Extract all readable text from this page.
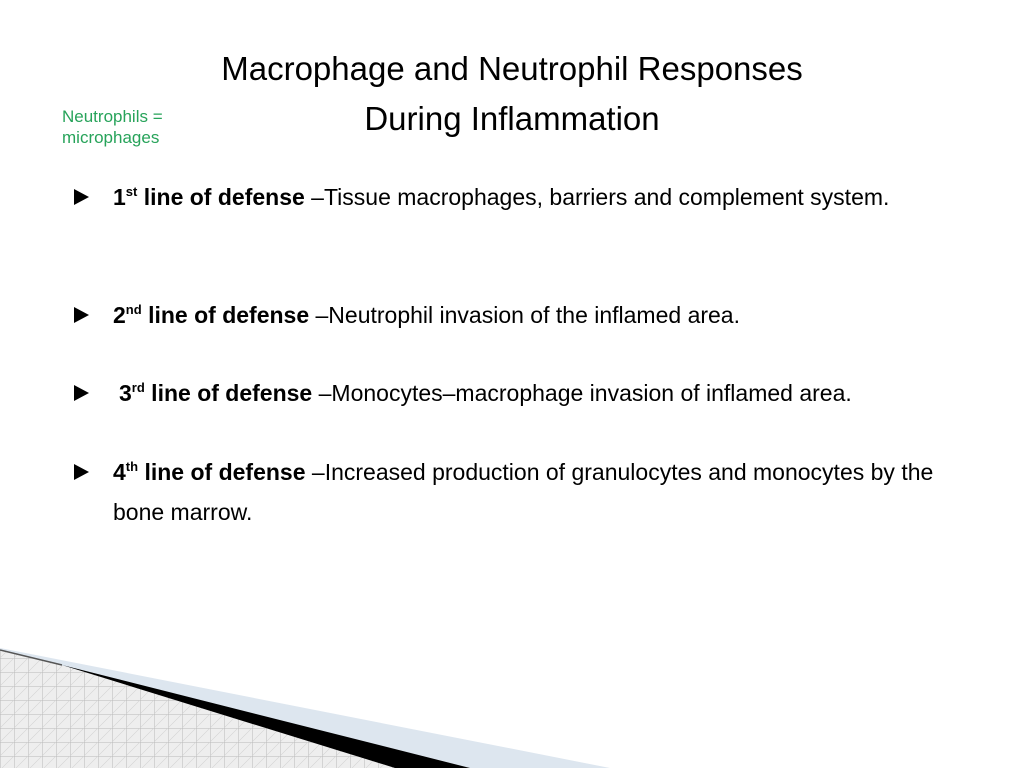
Macrophage and Neutrophil Responses
During Inflammation
Neutrophils =
microphages
1st line of defense –Tissue macrophages, barriers and complement system.
2nd line of defense –Neutrophil invasion of the inflamed area.
3rd line of defense –Monocytes–macrophage invasion of inflamed area.
4th line of defense –Increased production of granulocytes and monocytes by the bone marrow.
